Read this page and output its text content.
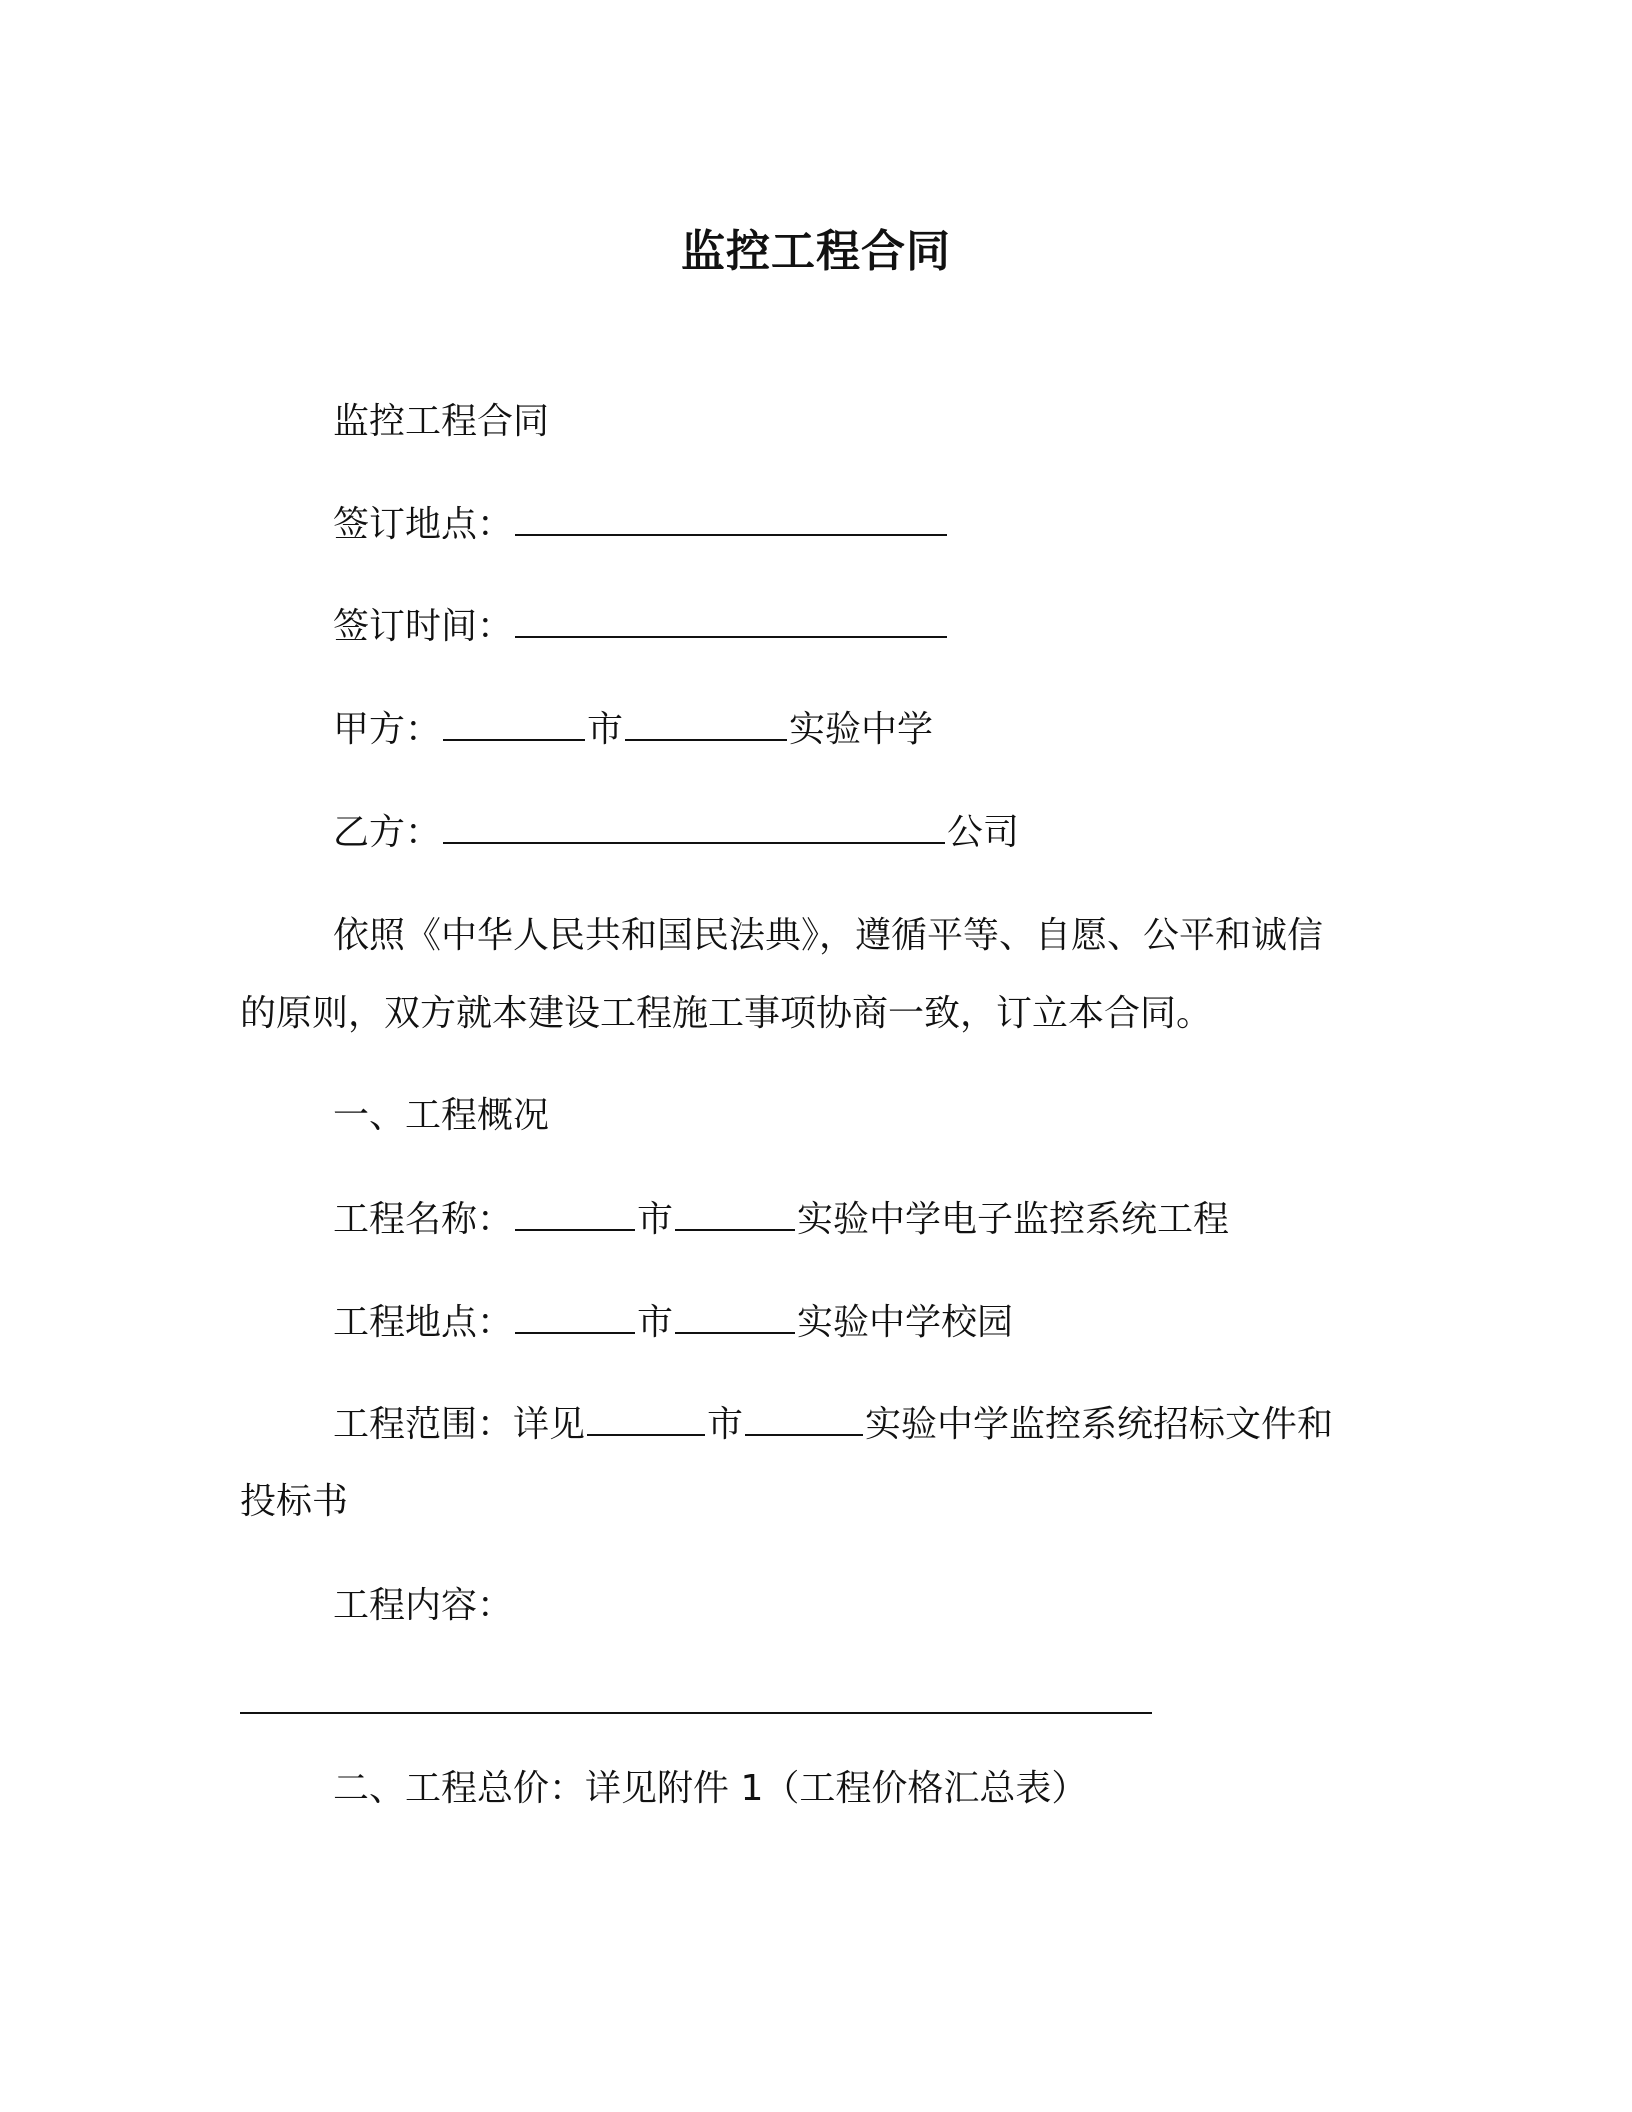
监控工程合同
监控工程合同
签订地点：
签订时间：
甲方：	市	实验中学
乙方：	公司
依照《中华人民共和国民法典》，遵循平等、自愿、公平和诚信
的原则，双方就本建设工程施工事项协商一致，订立本合同。
一、工程概况
工程名称：	市	实验中学电子监控系统工程
工程地点：	市	实验中学校园
工程范围：详见	市	实验中学监控系统招标文件和
投标书
工程内容：
二、工程总价：详见附件 1（工程价格汇总表）
